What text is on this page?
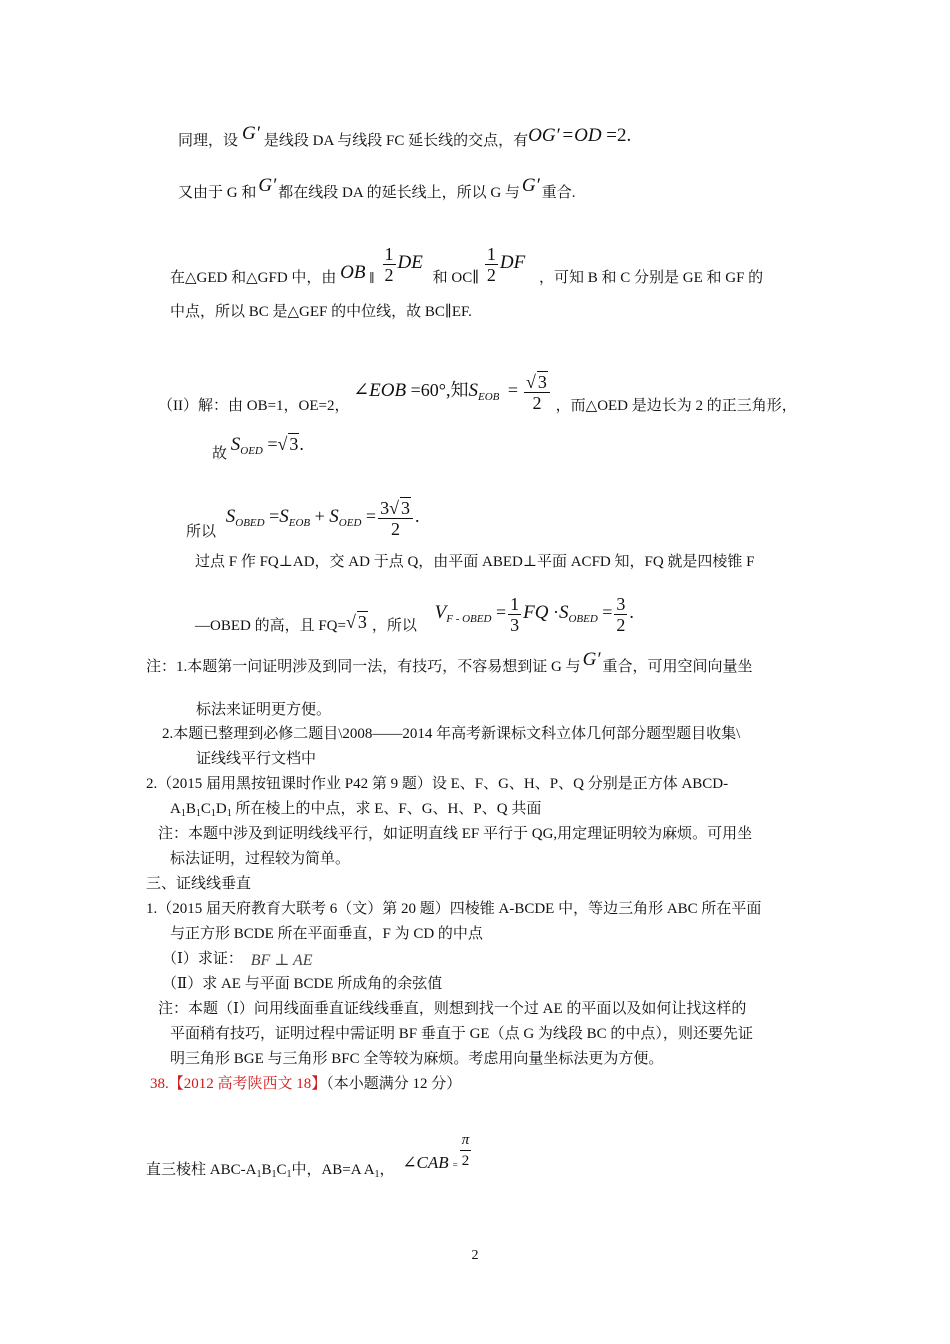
同理，设 G′ 是线段 DA 与线段 FC 延长线的交点，有OG′ =OD =2.
又由于 G 和 G′ 都在线段 DA 的延长线上，所以 G 与 G′ 重合.
在△GED 和△GFD 中，由 OB ∥ $\frac{1}{2}$ DE 和 OC∥ $\frac{1}{2}$ DF ，可知 B 和 C 分别是 GE 和 GF 的
中点，所以 BC 是△GEF 的中位线，故 BC∥EF.
（II）解：由 OB=1，OE=2， ∠EOB =60°,知$S_{EOB} = \frac{√ 3}{2}$ ，而△OED 是边长为 2 的正三角形，
故 $S_{OED}$ =√ 3.
所以 $S_{OBED} =S_{EOB} + S_{OED} = \frac{3√ 3}{2}$ .
过点 F 作 FQ⊥AD，交 AD 于点 Q，由平面 ABED⊥平面 ACFD 知，FQ 就是四棱锥 F
—OBED 的高，且 FQ=√ 3 ，所以 $V_{F - OBED} = \frac{1}{3}$ FQ $\cdot S_{OBED} = \frac{3}{2}$ .
注：1.本题第一问证明涉及到同一法，有技巧，不容易想到证 G 与 G′ 重合，可用空间向量坐
标法来证明更方便。
2.本题已整理到必修二题目\2008——2014 年高考新课标文科立体几何部分题型题目收集\
证线线平行文档中
2.（2015 届用黑按钮课时作业 P42 第 9 题）设 E、F、G、H、P、Q 分别是正方体 ABCD-
$A_1B_1C_1D_1$ 所在棱上的中点，求 E、F、G、H、P、Q 共面
注：本题中涉及到证明线线平行，如证明直线 EF 平行于 QG,用定理证明较为麻烦。可用坐
标法证明，过程较为简单。
三、证线线垂直
1.（2015 届天府教育大联考 6（文）第 20 题）四棱锥 A-BCDE 中，等边三角形 ABC 所在平面
与正方形 BCDE 所在平面垂直，F 为 CD 的中点
（Ⅰ）求证： BF ⊥ AE
（Ⅱ）求 AE 与平面 BCDE 所成角的余弦值
注：本题（Ⅰ）问用线面垂直证线线垂直，则想到找一个过 AE 的平面以及如何让找这样的
平面稍有技巧，证明过程中需证明 BF 垂直于 GE（点 G 为线段 BC 的中点），则还要先证
明三角形 BGE 与三角形 BFC 全等较为麻烦。考虑用向量坐标法更为方便。
38.【2012 高考陕西文 18】（本小题满分 12 分）
直三棱柱 ABC-$A_1B_1C_1$中，AB=A $A_1$， ∠CAB = $\frac{\pi}{2}$
2
